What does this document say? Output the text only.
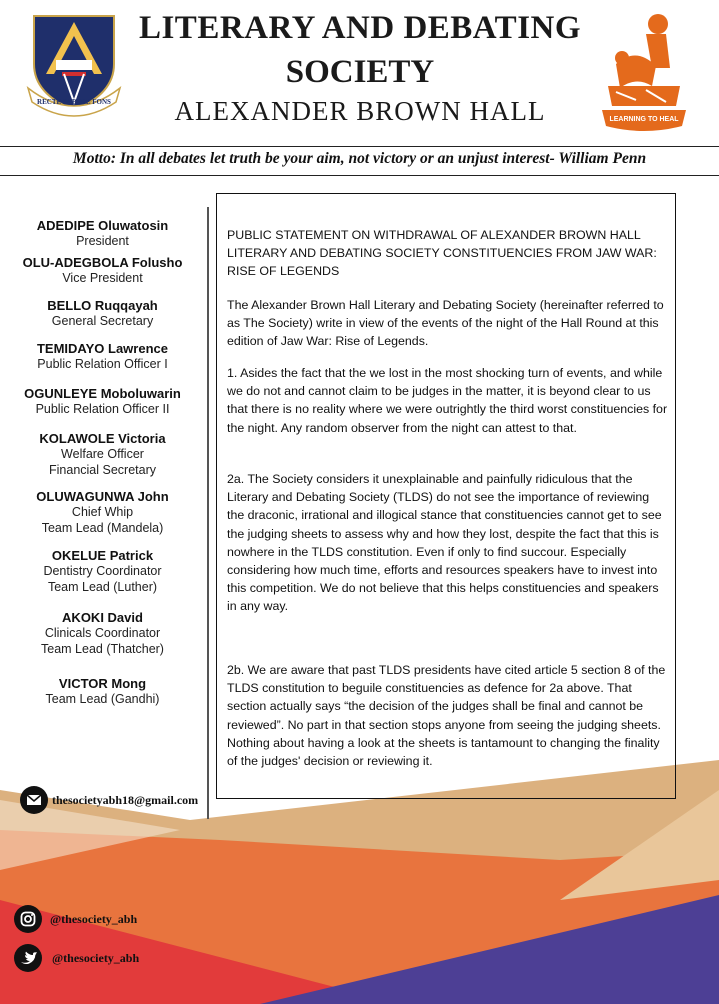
RECTE SAPERE FONS
LITERARY AND DEBATING
SOCIETY
ALEXANDER BROWN HALL	LEARNING TO HEAL
Motto: In all debates let truth be your aim, not victory or an unjust interest- William Penn
ADEDIPE Oluwatosin
President
OLU-ADEGBOLA Folusho
Vice President
BELLO Ruqqayah
General Secretary
TEMIDAYO Lawrence
Public Relation Officer I
OGUNLEYE Moboluwarin
Public Relation Officer II
KOLAWOLE Victoria
Welfare Officer
Financial Secretary
OLUWAGUNWA John
Chief Whip
Team Lead (Mandela)
OKELUE Patrick
Dentistry Coordinator
Team Lead (Luther)
AKOKI David
Clinicals Coordinator
Team Lead (Thatcher)
VICTOR Mong
Team Lead (Gandhi)

PUBLIC STATEMENT ON WITHDRAWAL OF ALEXANDER BROWN HALL LITERARY AND DEBATING SOCIETY CONSTITUENCIES FROM JAW WAR: RISE OF LEGENDS

The Alexander Brown Hall Literary and Debating Society (hereinafter referred to as The Society) write in view of the events of the night of the Hall Round at this edition of Jaw War: Rise of Legends.

1. Asides the fact that the we lost in the most shocking turn of events, and while we do not and cannot claim to be judges in the matter, it is beyond clear to us that there is no reality where we were outrightly the third worst constituencies for the night. Any random observer from the night can attest to that.

2a. The Society considers it unexplainable and painfully ridiculous that the Literary and Debating Society (TLDS) do not see the importance of reviewing the draconic, irrational and illogical stance that constituencies cannot get to see the judging sheets to assess why and how they lost, despite the fact that this is nowhere in the TLDS constitution. Even if only to find succour. Especially considering how much time, efforts and resources speakers have to invest into this competition. We do not believe that this helps constituencies and speakers in any way.

2b. We are aware that past TLDS presidents have cited article 5 section 8 of the TLDS constitution to beguile constituencies as defence for 2a above. That section actually says “the decision of the judges shall be final and cannot be reviewed”. No part in that section stops anyone from seeing the judging sheets. Nothing about having a look at the sheets is tantamount to changing the finality of the judges' decision or reviewing it.

thesocietyabh18@gmail.com
@thesociety_abh
@thesociety_abh
